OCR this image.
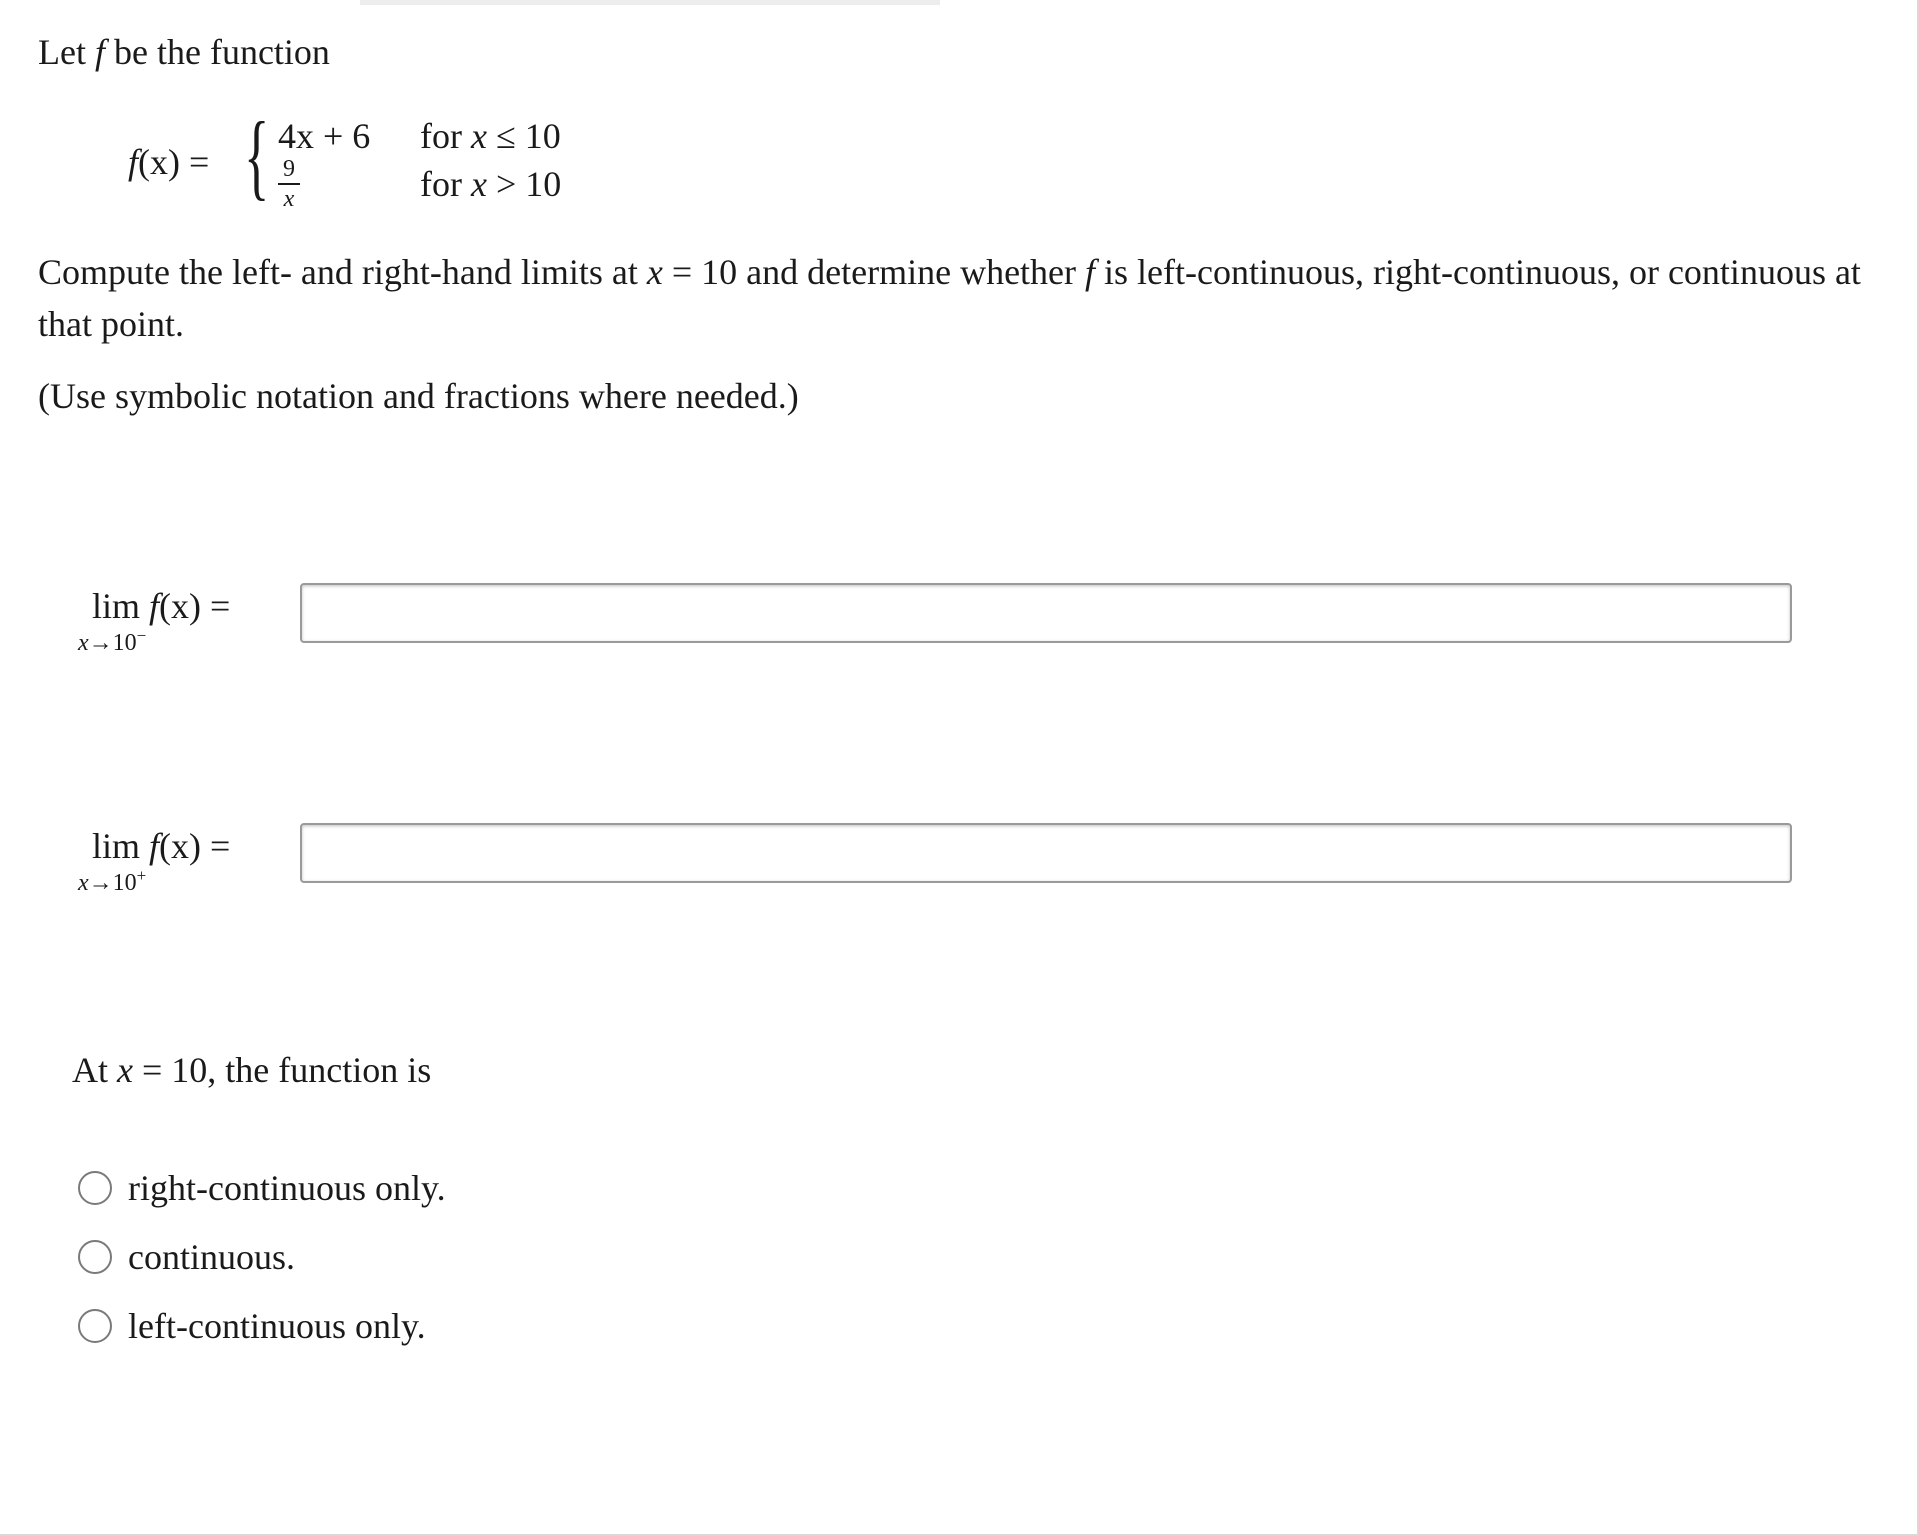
Let f be the function
f(x) = { 4x + 6 for x ≤ 10
9
x	for x > 10
Compute the left- and right-hand limits at x = 10 and determine whether f is left-continuous, right-continuous, or continuous at
that point.
(Use symbolic notation and fractions where needed.)
lim f(x) =
x→10−
lim f(x) =
x→10+
At x = 10, the function is
right-continuous only.
continuous.
left-continuous only.
